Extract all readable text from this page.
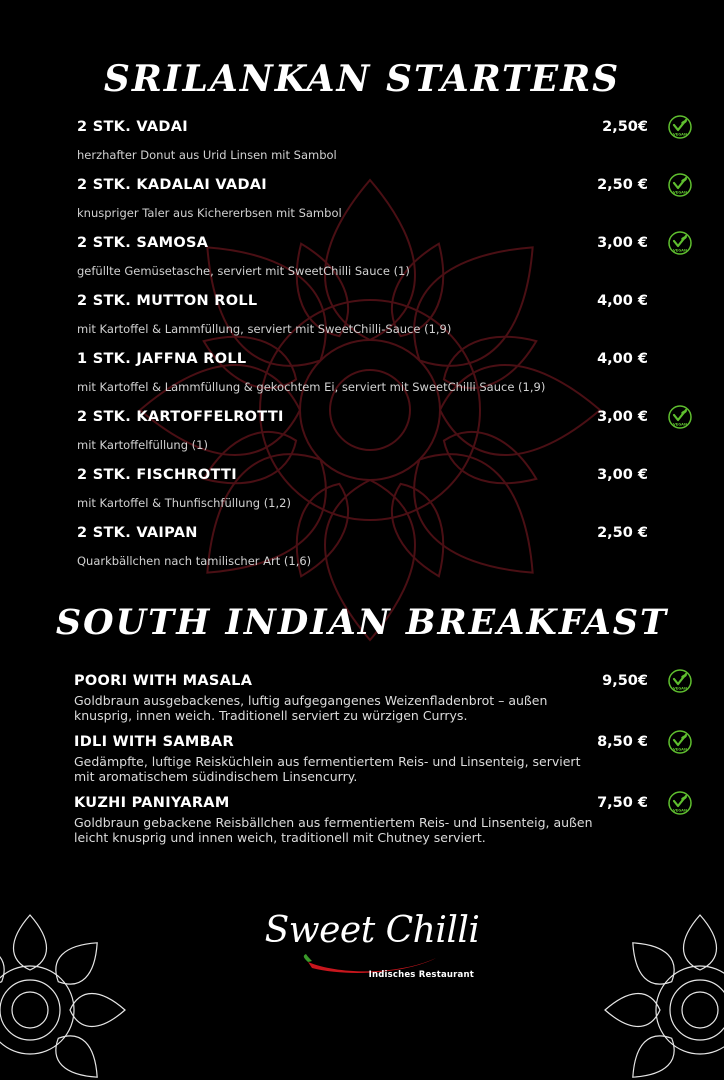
SRILANKAN STARTERS
2 STK. VADAI	2,50€
herzhafter Donut aus Urid Linsen mit Sambol
VEGAN
2 STK. KADALAI VADAI	2,50 €
knuspriger Taler aus Kichererbsen mit Sambol
VEGAN
2 STK. SAMOSA	3,00 €
gefüllte Gemüsetasche, serviert mit SweetChilli Sauce (1)
VEGAN
2 STK. MUTTON ROLL	4,00 €
mit Kartoffel & Lammfüllung, serviert mit SweetChilli-Sauce (1,9)
1 STK. JAFFNA ROLL	4,00 €
mit Kartoffel & Lammfüllung & gekochtem Ei, serviert mit SweetChilli Sauce (1,9)
2 STK. KARTOFFELROTTI	3,00 €
mit Kartoffelfüllung (1)
VEGAN
2 STK. FISCHROTTI	3,00 €
mit Kartoffel & Thunfischfüllung (1,2)
2 STK. VAIPAN	2,50 €
Quarkbällchen nach tamilischer Art (1,6)
SOUTH INDIAN BREAKFAST
POORI WITH MASALA	9,50€
Goldbraun ausgebackenes, luftig aufgegangenes Weizenfladenbrot – außen knusprig, innen weich. Traditionell serviert zu würzigen Currys.
VEGAN
IDLI WITH SAMBAR	8,50 €
Gedämpfte, luftige Reisküchlein aus fermentiertem Reis- und Linsenteig, serviert mit aromatischem südindischem Linsencurry.
VEGAN
KUZHI PANIYARAM	7,50 €
Goldbraun gebackene Reisbällchen aus fermentiertem Reis- und Linsenteig, außen leicht knusprig und innen weich, traditionell mit Chutney serviert.
VEGAN
Sweet Chilli
Indisches Restaurant
